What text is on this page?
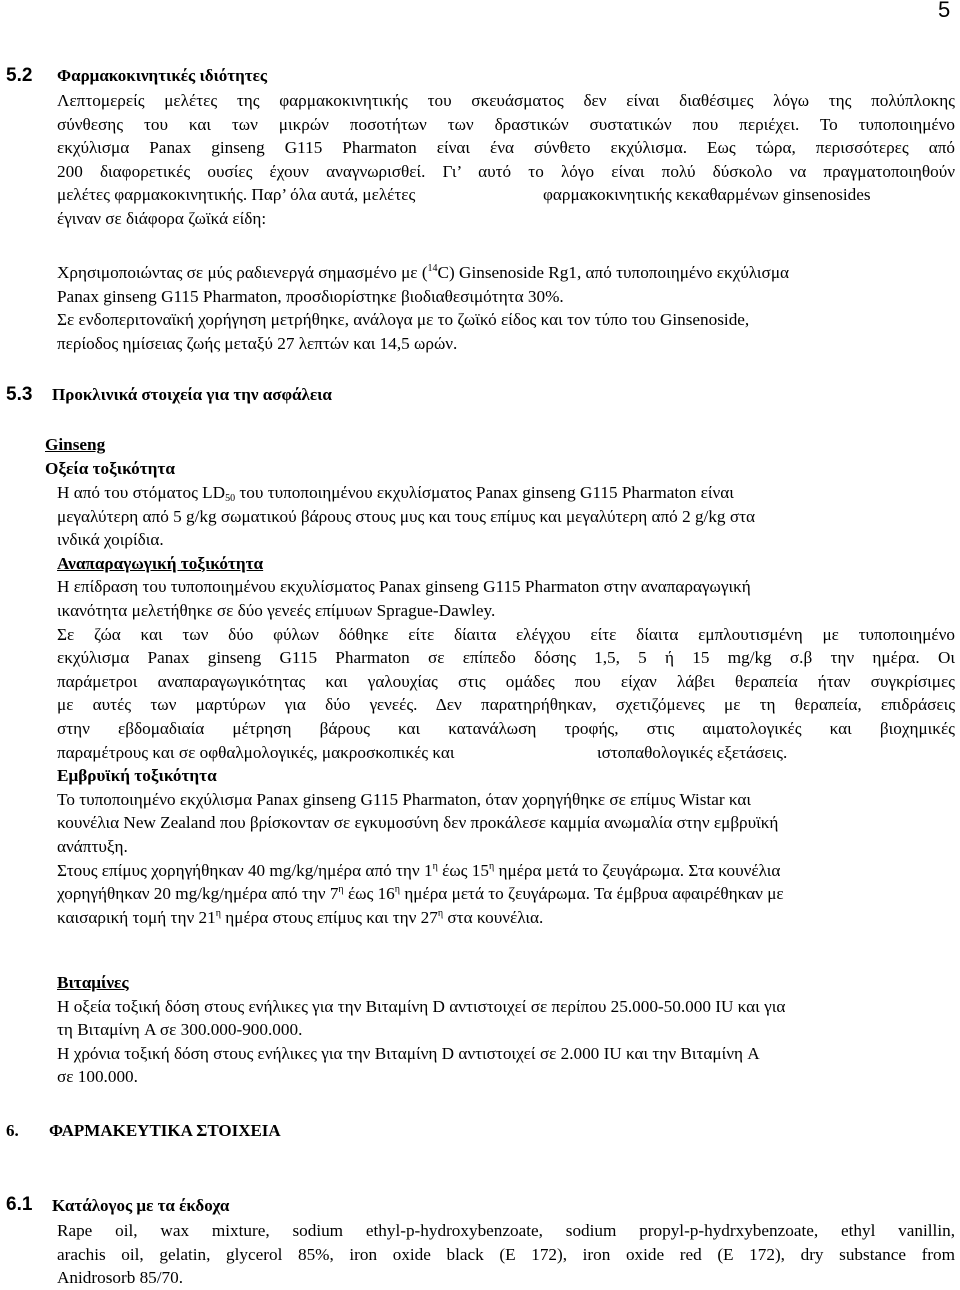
5
5.2 Φαρμακοκινητικές ιδιότητες
Λεπτομερείς μελέτες της φαρμακοκινητικής του σκευάσματος δεν είναι διαθέσιμες λόγω της πολύπλοκης
σύνθεσης του και των μικρών ποσοτήτων των δραστικών συστατικών που περιέχει. Το τυποποιημένο
εκχύλισμα Panax ginseng G115 Pharmaton είναι ένα σύνθετο εκχύλισμα. Εως τώρα, περισσότερες από
200 διαφορετικές ουσίες έχουν αναγνωρισθεί. Γι’ αυτό το λόγο είναι πολύ δύσκολο να πραγματοποιηθούν
μελέτες φαρμακοκινητικής. Παρ’ όλα αυτά, μελέτες	φαρμακοκινητικής κεκαθαρμένων ginsenosides
έγιναν σε διάφορα ζωϊκά είδη:
Χρησιμοποιώντας σε μύς ραδιενεργά σημασμένο με ($^{14}$C) Ginsenoside Rg1, από τυποποιημένο εκχύλισμα
Panax ginseng G115 Pharmaton, προσδιορίστηκε βιοδιαθεσιμότητα 30%.
Σε ενδοπεριτοναϊκή χορήγηση μετρήθηκε, ανάλογα με το ζωϊκό είδος και τον τύπο του Ginsenoside,
περίοδος ημίσειας ζωής μεταξύ 27 λεπτών και 14,5 ωρών.
5.3 Προκλινικά στοιχεία για την ασφάλεια
Ginseng
Οξεία τοξικότητα
Η από του στόματος $LD_{50}$ του τυποποιημένου εκχυλίσματος Panax ginseng G115 Pharmaton είναι
μεγαλύτερη από 5 g/kg σωματικού βάρους στους μυς και τους επίμυς και μεγαλύτερη από 2 g/kg στα
ινδικά χοιρίδια.
Αναπαραγωγική τοξικότητα
Η επίδραση του τυποποιημένου εκχυλίσματος Panax ginseng G115 Pharmaton στην αναπαραγωγική
ικανότητα μελετήθηκε σε δύο γενεές επίμυων Sprague-Dawley.
Σε ζώα και των δύο φύλων δόθηκε είτε δίαιτα ελέγχου είτε δίαιτα εμπλουτισμένη με τυποποιημένο
εκχύλισμα Panax ginseng G115 Pharmaton σε επίπεδο δόσης 1,5, 5 ή 15 mg/kg σ.β την ημέρα. Οι
παράμετροι αναπαραγωγικότητας και γαλουχίας στις ομάδες που είχαν λάβει θεραπεία ήταν συγκρίσιμες
με αυτές των μαρτύρων για δύο γενεές. Δεν παρατηρήθηκαν, σχετιζόμενες με τη θεραπεία, επιδράσεις
στην εβδομαδιαία μέτρηση βάρους και κατανάλωση τροφής, στις αιματολογικές και βιοχημικές
παραμέτρους και σε οφθαλμολογικές, μακροσκοπικές και	ιστοπαθολογικές εξετάσεις.
Εμβρυϊκή τοξικότητα
Το τυποποιημένο εκχύλισμα Panax ginseng G115 Pharmaton, όταν χορηγήθηκε σε επίμυς Wistar και
κουνέλια New Zealand που βρίσκονταν σε εγκυμοσύνη δεν προκάλεσε καμμία ανωμαλία στην εμβρυϊκή
ανάπτυξη.
Στους επίμυς χορηγήθηκαν 40 mg/kg/ημέρα από την $1^\eta$ έως $15^\eta$ ημέρα μετά το ζευγάρωμα. Στα κουνέλια
χορηγήθηκαν 20 mg/kg/ημέρα από την $7^\eta$ έως $16^\eta$ ημέρα μετά το ζευγάρωμα. Τα έμβρυα αφαιρέθηκαν με
καισαρική τομή την $21^\eta$ ημέρα στους επίμυς και την $27^\eta$ στα κουνέλια.
Βιταμίνες
Η οξεία τοξική δόση στους ενήλικες για την Βιταμίνη D αντιστοιχεί σε περίπου 25.000-50.000 IU και για
τη Βιταμίνη A σε 300.000-900.000.
Η χρόνια τοξική δόση στους ενήλικες για την Βιταμίνη D αντιστοιχεί σε 2.000 IU και την Βιταμίνη A
σε 100.000.
6. ΦΑΡΜΑΚΕΥΤΙΚΑ ΣΤΟΙΧΕΙΑ
6.1 Κατάλογος με τα έκδοχα
Rape oil, wax mixture, sodium ethyl-p-hydroxybenzoate, sodium propyl-p-hydrxybenzoate, ethyl vanillin,
arachis oil, gelatin, glycerol 85%, iron oxide black (E 172), iron oxide red (E 172), dry substance from
Anidrosorb 85/70.
